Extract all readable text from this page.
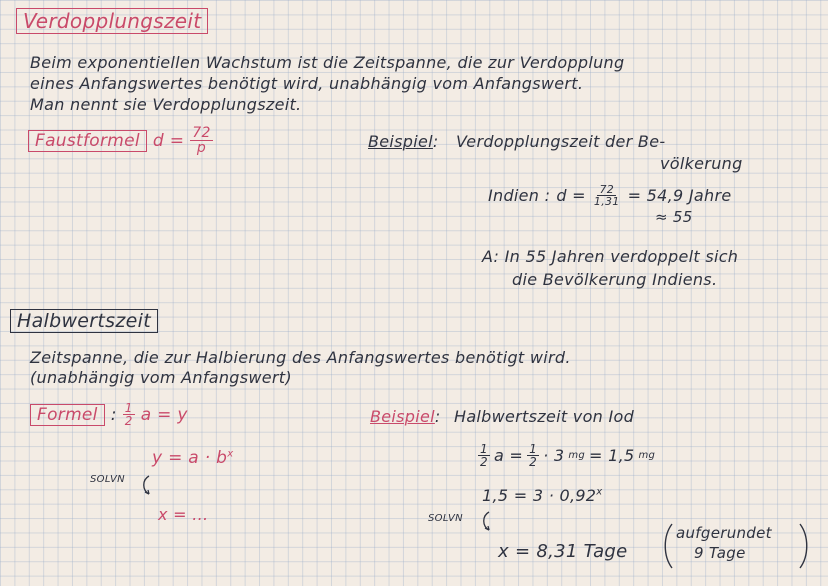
Verdopplungszeit
Beim exponentiellen Wachstum ist die Zeitspanne, die zur Verdopplung
eines Anfangswertes benötigt wird, unabhängig vom Anfangswert.
Man nennt sie Verdopplungszeit.
Faustformel $d = \frac{72}{p}$	Beispiel: Verdopplungszeit der Be-
völkerung
Indien : $d = \frac{72}{1,31} = 54,9$ Jahre
≈ 55
A: In 55 Jahren verdoppelt sich
die Bevölkerung Indiens.
Halbwertszeit
Zeitspanne, die zur Halbierung des Anfangswertes benötigt wird.
(unabhängig vom Anfangswert)
Formel : $\frac{1}{2}$ a = y
$y = a \cdot b^x$
SOLVN
x = ...
Beispiel: Halbwertszeit von Iod
$\frac{1}{2}$ $a = \frac{1}{2} \cdot 3$ mg = 1,5 mg
$1,5 = 3 \cdot 0,92^x$
SOLVN
x = 8,31 Tage
aufgerundet
9 Tage
